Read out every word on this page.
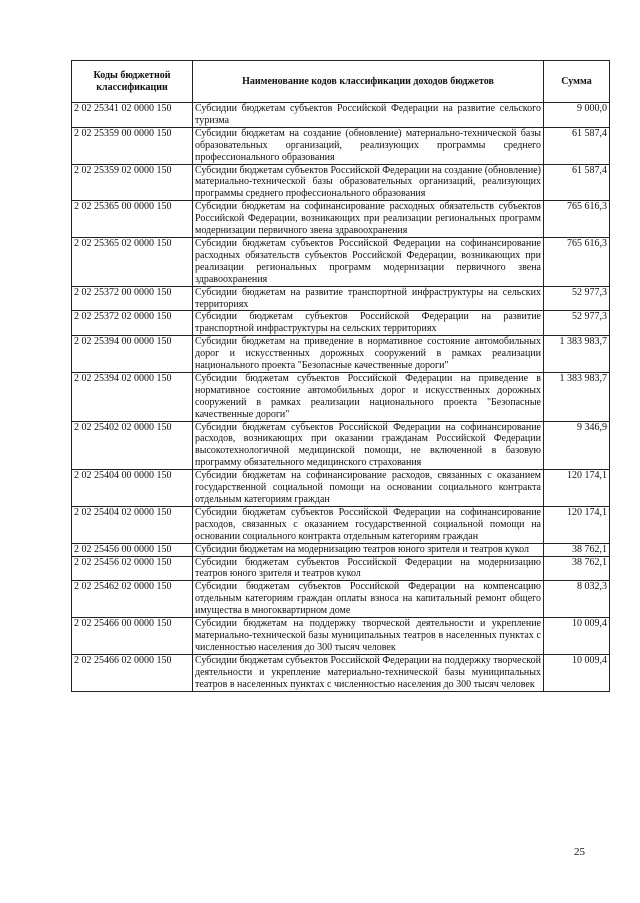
Коды бюджетной классификации	Наименование кодов классификации доходов бюджетов	Сумма
2 02 25341 02 0000 150	Субсидии бюджетам субъектов Российской Федерации на развитие сельского туризма	9 000,0
2 02 25359 00 0000 150	Субсидии бюджетам на создание (обновление) материально-технической базы образовательных организаций, реализующих программы среднего профессионального образования	61 587,4
2 02 25359 02 0000 150	Субсидии бюджетам субъектов Российской Федерации на создание (обновление) материально-технической базы образовательных организаций, реализующих программы среднего профессионального образования	61 587,4
2 02 25365 00 0000 150	Субсидии бюджетам на софинансирование расходных обязательств субъектов Российской Федерации, возникающих при реализации региональных программ модернизации первичного звена здравоохранения	765 616,3
2 02 25365 02 0000 150	Субсидии бюджетам субъектов Российской Федерации на софинансирование расходных обязательств субъектов Российской Федерации, возникающих при реализации региональных программ модернизации первичного звена здравоохранения	765 616,3
2 02 25372 00 0000 150	Субсидии бюджетам на развитие транспортной инфраструктуры на сельских территориях	52 977,3
2 02 25372 02 0000 150	Субсидии бюджетам субъектов Российской Федерации на развитие транспортной инфраструктуры на сельских территориях	52 977,3
2 02 25394 00 0000 150	Субсидии бюджетам на приведение в нормативное состояние автомобильных дорог и искусственных дорожных сооружений в рамках реализации национального проекта "Безопасные качественные дороги"	1 383 983,7
2 02 25394 02 0000 150	Субсидии бюджетам субъектов Российской Федерации на приведение в нормативное состояние автомобильных дорог и искусственных дорожных сооружений в рамках реализации национального проекта "Безопасные качественные дороги"	1 383 983,7
2 02 25402 02 0000 150	Субсидии бюджетам субъектов Российской Федерации на софинансирование расходов, возникающих при оказании гражданам Российской Федерации высокотехнологичной медицинской помощи, не включенной в базовую программу обязательного медицинского страхования	9 346,9
2 02 25404 00 0000 150	Субсидии бюджетам на софинансирование расходов, связанных с оказанием государственной социальной помощи на основании социального контракта отдельным категориям граждан	120 174,1
2 02 25404 02 0000 150	Субсидии бюджетам субъектов Российской Федерации на софинансирование расходов, связанных с оказанием государственной социальной помощи на основании социального контракта отдельным категориям граждан	120 174,1
2 02 25456 00 0000 150	Субсидии бюджетам на модернизацию театров юного зрителя и театров кукол	38 762,1
2 02 25456 02 0000 150	Субсидии бюджетам субъектов Российской Федерации на модернизацию театров юного зрителя и театров кукол	38 762,1
2 02 25462 02 0000 150	Субсидии бюджетам субъектов Российской Федерации на компенсацию отдельным категориям граждан оплаты взноса на капитальный ремонт общего имущества в многоквартирном доме	8 032,3
2 02 25466 00 0000 150	Субсидии бюджетам на поддержку творческой деятельности и укрепление материально-технической базы муниципальных театров в населенных пунктах с численностью населения до 300 тысяч человек	10 009,4
2 02 25466 02 0000 150	Субсидии бюджетам субъектов Российской Федерации на поддержку творческой деятельности и укрепление материально-технической базы муниципальных театров в населенных пунктах с численностью населения до 300 тысяч человек	10 009,4
25
